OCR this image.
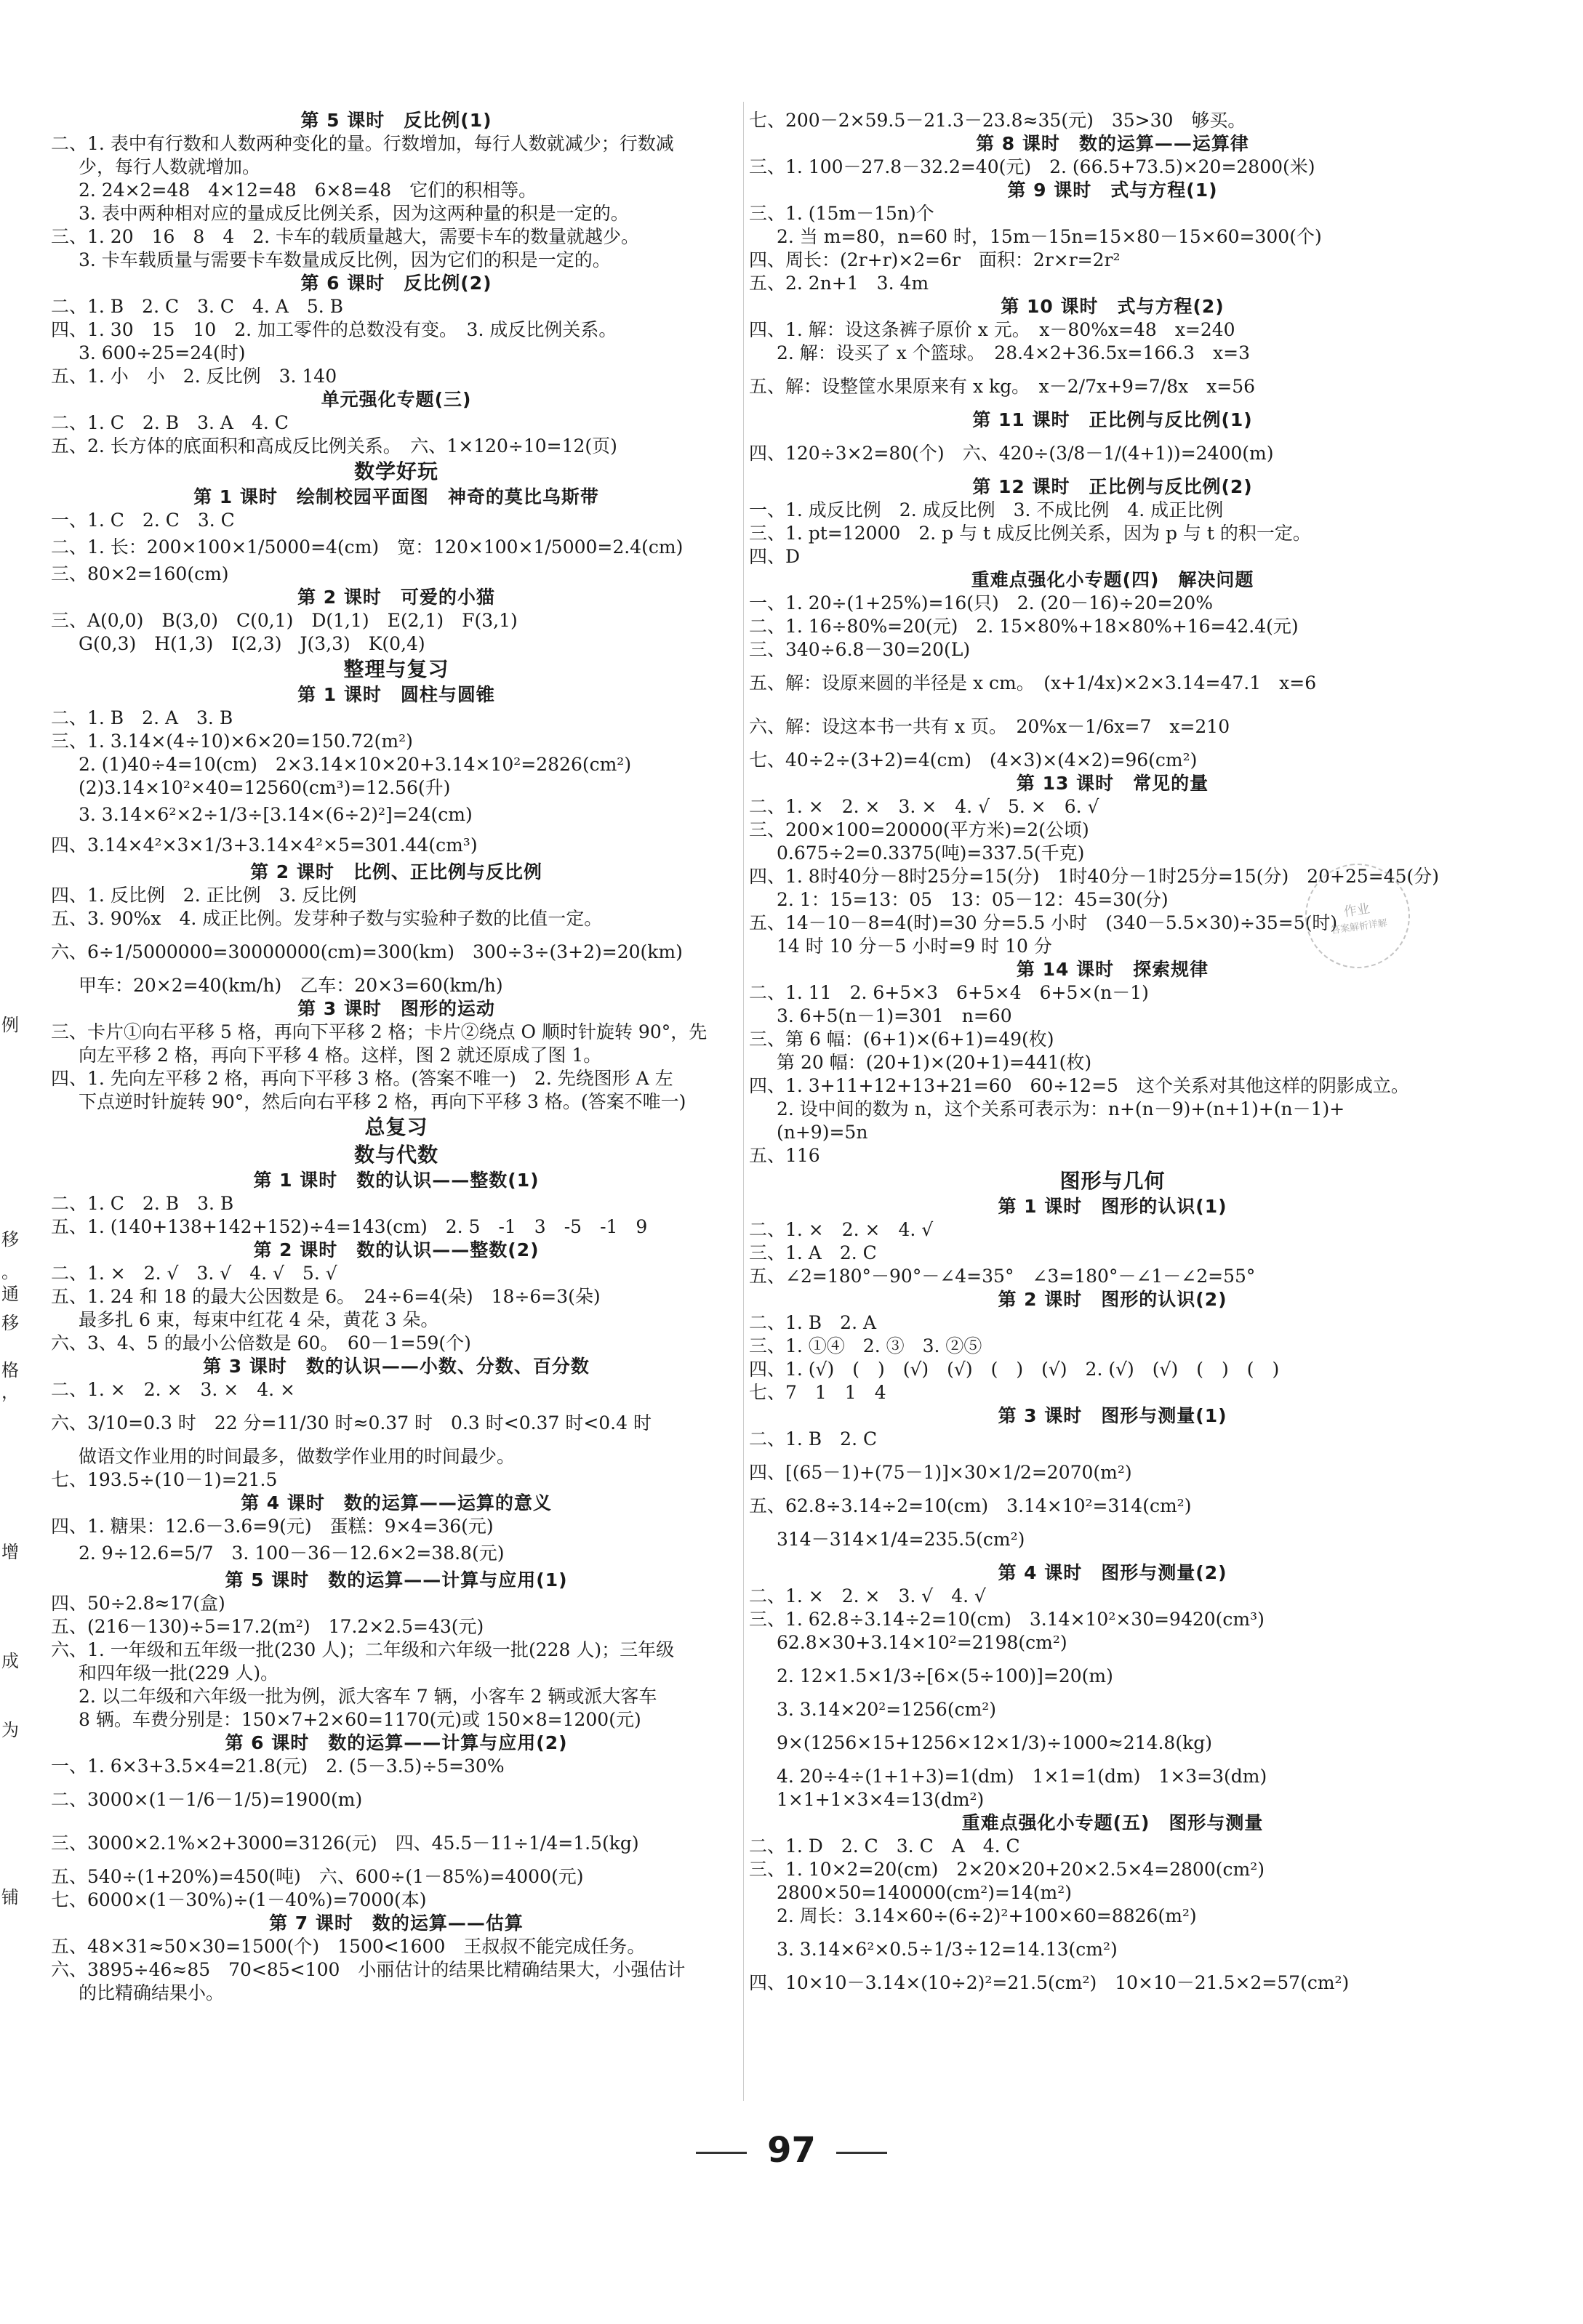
第 5 课时　反比例(1)
二、1. 表中有行数和人数两种变化的量。行数增加，每行人数就减少；行数减
少，每行人数就增加。
2. 24×2=48　4×12=48　6×8=48　它们的积相等。
3. 表中两种相对应的量成反比例关系，因为这两种量的积是一定的。
三、1. 20　16　8　4　2. 卡车的载质量越大，需要卡车的数量就越少。
3. 卡车载质量与需要卡车数量成反比例，因为它们的积是一定的。
第 6 课时　反比例(2)
二、1. B　2. C　3. C　4. A　5. B
四、1. 30　15　10　2. 加工零件的总数没有变。　3. 成反比例关系。
3. 600÷25=24(时)
五、1. 小　小　2. 反比例　3. 140
单元强化专题(三)
二、1. C　2. B　3. A　4. C
五、2. 长方体的底面积和高成反比例关系。　六、1×120÷10=12(页)
数学好玩
第 1 课时　绘制校园平面图　神奇的莫比乌斯带
一、1. C　2. C　3. C
二、1. 长：200×100×1/5000=4(cm)　宽：120×100×1/5000=2.4(cm)
三、80×2=160(cm)
第 2 课时　可爱的小猫
三、A(0,0)　B(3,0)　C(0,1)　D(1,1)　E(2,1)　F(3,1)
G(0,3)　H(1,3)　I(2,3)　J(3,3)　K(0,4)
整理与复习
第 1 课时　圆柱与圆锥
二、1. B　2. A　3. B
三、1. 3.14×(4÷10)×6×20=150.72(m²)
2. (1)40÷4=10(cm)　2×3.14×10×20+3.14×10²=2826(cm²)
(2)3.14×10²×40=12560(cm³)=12.56(升)
3. 3.14×6²×2÷1/3÷[3.14×(6÷2)²]=24(cm)
四、3.14×4²×3×1/3+3.14×4²×5=301.44(cm³)
第 2 课时　比例、正比例与反比例
四、1. 反比例　2. 正比例　3. 反比例
五、3. 90%x　4. 成正比例。发芽种子数与实验种子数的比值一定。
六、6÷1/5000000=30000000(cm)=300(km)　300÷3÷(3+2)=20(km)
甲车：20×2=40(km/h)　乙车：20×3=60(km/h)
第 3 课时　图形的运动
三、卡片①向右平移 5 格，再向下平移 2 格；卡片②绕点 O 顺时针旋转 90°，先
向左平移 2 格，再向下平移 4 格。这样，图 2 就还原成了图 1。
四、1. 先向左平移 2 格，再向下平移 3 格。(答案不唯一)　2. 先绕图形 A 左
下点逆时针旋转 90°，然后向右平移 2 格，再向下平移 3 格。(答案不唯一)
总复习
数与代数
第 1 课时　数的认识——整数(1)
二、1. C　2. B　3. B
五、1. (140+138+142+152)÷4=143(cm)　2. 5　-1　3　-5　-1　9
第 2 课时　数的认识——整数(2)
二、1. ×　2. √　3. √　4. √　5. √
五、1. 24 和 18 的最大公因数是 6。　24÷6=4(朵)　18÷6=3(朵)
最多扎 6 束，每束中红花 4 朵，黄花 3 朵。
六、3、4、5 的最小公倍数是 60。　60－1=59(个)
第 3 课时　数的认识——小数、分数、百分数
二、1. ×　2. ×　3. ×　4. ×
六、3/10=0.3 时　22 分=11/30 时≈0.37 时　0.3 时<0.37 时<0.4 时
做语文作业用的时间最多，做数学作业用的时间最少。
七、193.5÷(10－1)=21.5
第 4 课时　数的运算——运算的意义
四、1. 糖果：12.6－3.6=9(元)　蛋糕：9×4=36(元)
2. 9÷12.6=5/7　3. 100－36－12.6×2=38.8(元)
第 5 课时　数的运算——计算与应用(1)
四、50÷2.8≈17(盒)
五、(216－130)÷5=17.2(m²)　17.2×2.5=43(元)
六、1. 一年级和五年级一批(230 人)；二年级和六年级一批(228 人)；三年级
和四年级一批(229 人)。
2. 以二年级和六年级一批为例，派大客车 7 辆，小客车 2 辆或派大客车
8 辆。车费分别是：150×7+2×60=1170(元)或 150×8=1200(元)
第 6 课时　数的运算——计算与应用(2)
一、1. 6×3+3.5×4=21.8(元)　2. (5－3.5)÷5=30%
二、3000×(1－1/6－1/5)=1900(m)
三、3000×2.1%×2+3000=3126(元)　四、45.5－11÷1/4=1.5(kg)
五、540÷(1+20%)=450(吨)　六、600÷(1－85%)=4000(元)
七、6000×(1－30%)÷(1－40%)=7000(本)
第 7 课时　数的运算——估算
五、48×31≈50×30=1500(个)　1500<1600　王叔叔不能完成任务。
六、3895÷46≈85　70<85<100　小丽估计的结果比精确结果大，小强估计
的比精确结果小。
七、200－2×59.5－21.3－23.8≈35(元)　35>30　够买。
第 8 课时　数的运算——运算律
三、1. 100－27.8－32.2=40(元)　2. (66.5+73.5)×20=2800(米)
第 9 课时　式与方程(1)
三、1. (15m－15n)个
2. 当 m=80，n=60 时，15m－15n=15×80－15×60=300(个)
四、周长：(2r+r)×2=6r　面积：2r×r=2r²
五、2. 2n+1　3. 4m
第 10 课时　式与方程(2)
四、1. 解：设这条裤子原价 x 元。　x－80%x=48　x=240
2. 解：设买了 x 个篮球。　28.4×2+36.5x=166.3　x=3
五、解：设整筐水果原来有 x kg。　x－2/7x+9=7/8x　x=56
第 11 课时　正比例与反比例(1)
四、120÷3×2=80(个)　六、420÷(3/8－1/(4+1))=2400(m)
第 12 课时　正比例与反比例(2)
一、1. 成反比例　2. 成反比例　3. 不成比例　4. 成正比例
三、1. pt=12000　2. p 与 t 成反比例关系，因为 p 与 t 的积一定。
四、D
重难点强化小专题(四)　解决问题
一、1. 20÷(1+25%)=16(只)　2. (20－16)÷20=20%
二、1. 16÷80%=20(元)　2. 15×80%+18×80%+16=42.4(元)
三、340÷6.8－30=20(L)
五、解：设原来圆的半径是 x cm。　(x+1/4x)×2×3.14=47.1　x=6
六、解：设这本书一共有 x 页。　20%x－1/6x=7　x=210
七、40÷2÷(3+2)=4(cm)　(4×3)×(4×2)=96(cm²)
第 13 课时　常见的量
二、1. ×　2. ×　3. ×　4. √　5. ×　6. √
三、200×100=20000(平方米)=2(公顷)
0.675÷2=0.3375(吨)=337.5(千克)
四、1. 8时40分－8时25分=15(分)　1时40分－1时25分=15(分)　20+25=45(分)
2. 1：15=13：05　13：05－12：45=30(分)
五、14－10－8=4(时)=30 分=5.5 小时　(340－5.5×30)÷35=5(时)
14 时 10 分－5 小时=9 时 10 分
第 14 课时　探索规律
二、1. 11　2. 6+5×3　6+5×4　6+5×(n－1)
3. 6+5(n－1)=301　n=60
三、第 6 幅：(6+1)×(6+1)=49(枚)
第 20 幅：(20+1)×(20+1)=441(枚)
四、1. 3+11+12+13+21=60　60÷12=5　这个关系对其他这样的阴影成立。
2. 设中间的数为 n，这个关系可表示为：n+(n－9)+(n+1)+(n－1)+
(n+9)=5n
五、116
图形与几何
第 1 课时　图形的认识(1)
二、1. ×　2. ×　4. √
三、1. A　2. C
五、∠2=180°－90°－∠4=35°　∠3=180°－∠1－∠2=55°
第 2 课时　图形的认识(2)
二、1. B　2. A
三、1. ①④　2. ③　3. ②⑤
四、1. (√)　(　)　(√)　(√)　(　)　(√)　2. (√)　(√)　(　)　(　)
七、7　1　1　4
第 3 课时　图形与测量(1)
二、1. B　2. C
四、[(65－1)+(75－1)]×30×1/2=2070(m²)
五、62.8÷3.14÷2=10(cm)　3.14×10²=314(cm²)
314－314×1/4=235.5(cm²)
第 4 课时　图形与测量(2)
二、1. ×　2. ×　3. √　4. √
三、1. 62.8÷3.14÷2=10(cm)　3.14×10²×30=9420(cm³)
62.8×30+3.14×10²=2198(cm²)
2. 12×1.5×1/3÷[6×(5÷100)]=20(m)
3. 3.14×20²=1256(cm²)
9×(1256×15+1256×12×1/3)÷1000≈214.8(kg)
4. 20÷4÷(1+1+3)=1(dm)　1×1=1(dm)　1×3=3(dm)
1×1+1×3×4=13(dm²)
重难点强化小专题(五)　图形与测量
二、1. D　2. C　3. C　A　4. C
三、1. 10×2=20(cm)　2×20×20+20×2.5×4=2800(cm²)
2800×50=140000(cm²)=14(m²)
2. 周长：3.14×60÷(6÷2)²+100×60=8826(m²)
3. 3.14×6²×0.5÷1/3÷12=14.13(cm²)
四、10×10－3.14×(10÷2)²=21.5(cm²)　10×10－21.5×2=57(cm²)
例
移
。
通
移
格
，
增
成
为
铺
作业
答案解析详解
97
